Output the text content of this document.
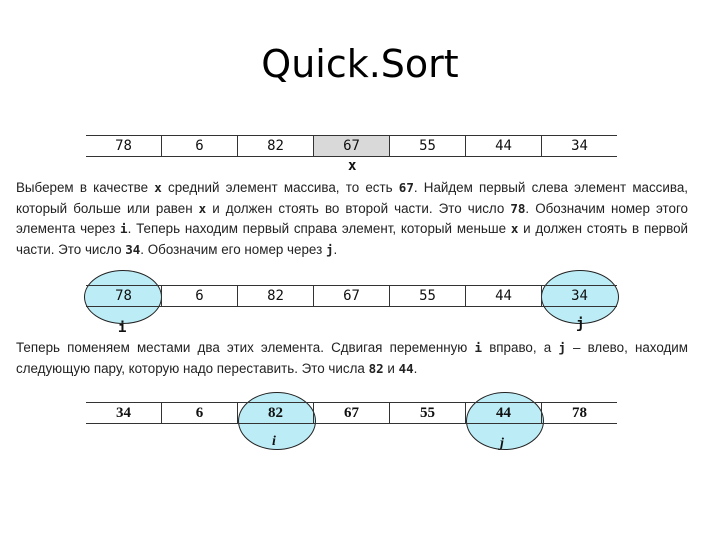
Quick.Sort
78	6	82	67	55	44	34
x

Выберем в качестве x средний элемент массива, то есть 67. Найдем первый слева элемент массива, который больше или равен x и должен стоять во второй части. Это число 78. Обозначим номер этого элемента через i. Теперь находим первый справа элемент, который меньше x и должен стоять в первой части. Это число 34. Обозначим его номер через j.

78	6	82	67	55	44	34
i	j

Теперь поменяем местами два этих элемента. Сдвигая переменную i вправо, а j – влево, находим следующую пару, которую надо переставить. Это числа 82 и 44.

34	6	82	67	55	44	78
i	j
